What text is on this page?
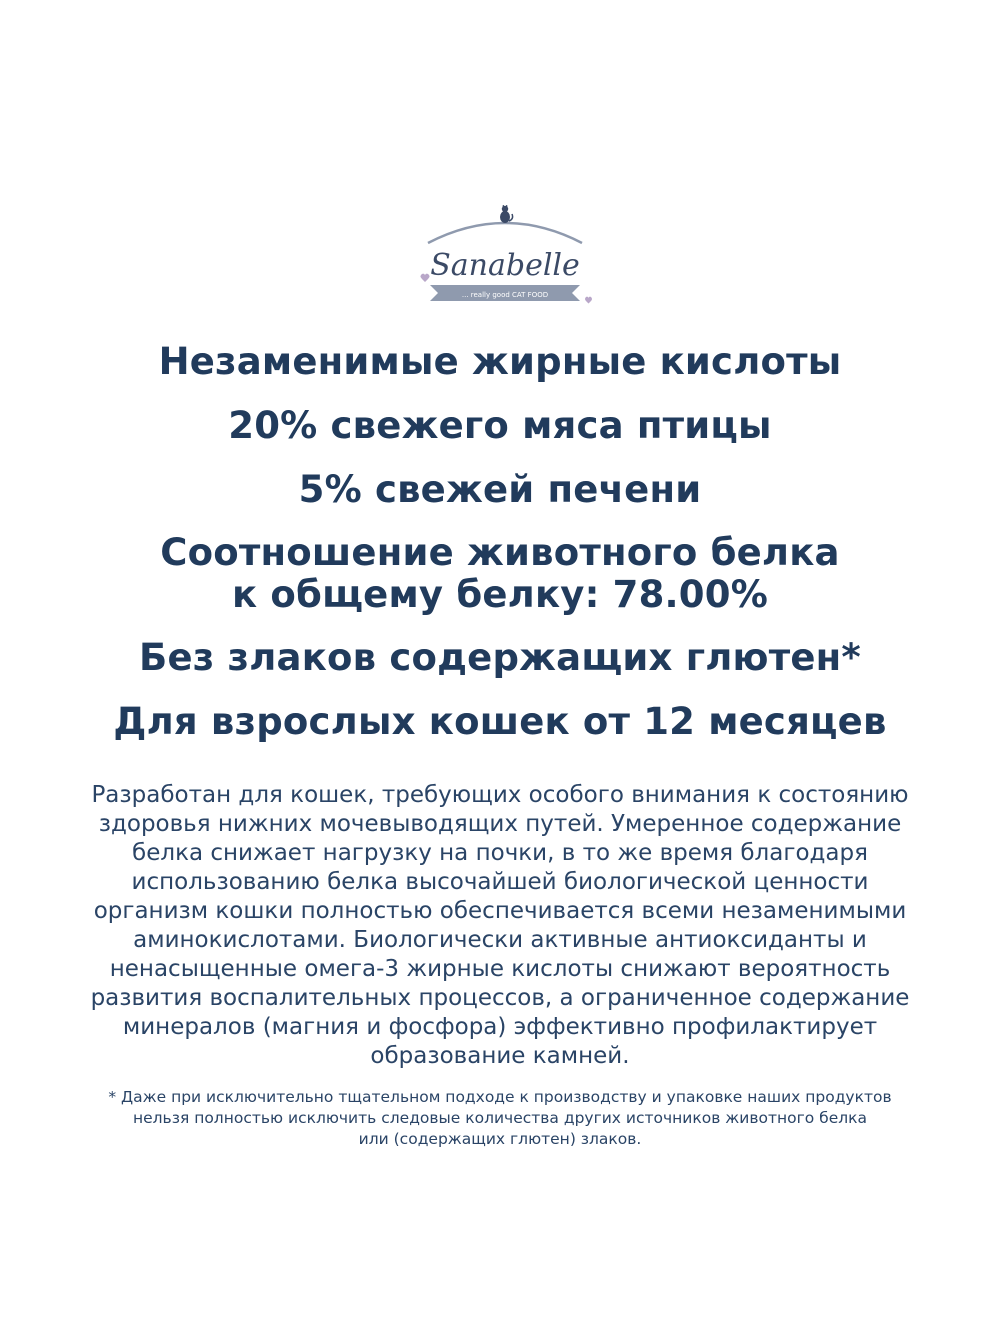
Sanabelle
... really good CAT FOOD
Незаменимые жирные кислоты
20% свежего мяса птицы
5% свежей печени
Соотношение животного белка
к общему белку: 78.00%
Без злаков содержащих глютен*
Для взрослых кошек от 12 месяцев
Разработан для кошек, требующих особого внимания к состоянию
здоровья нижних мочевыводящих путей. Умеренное содержание
белка снижает нагрузку на почки, в то же время благодаря
использованию белка высочайшей биологической ценности
организм кошки полностью обеспечивается всеми незаменимыми
аминокислотами. Биологически активные антиоксиданты и
ненасыщенные омега-3 жирные кислоты снижают вероятность
развития воспалительных процессов, а ограниченное содержание
минералов (магния и фосфора) эффективно профилактирует
образование камней.
* Даже при исключительно тщательном подходе к производству и упаковке наших продуктов
нельзя полностью исключить следовые количества других источников животного белка
или (содержащих глютен) злаков.
